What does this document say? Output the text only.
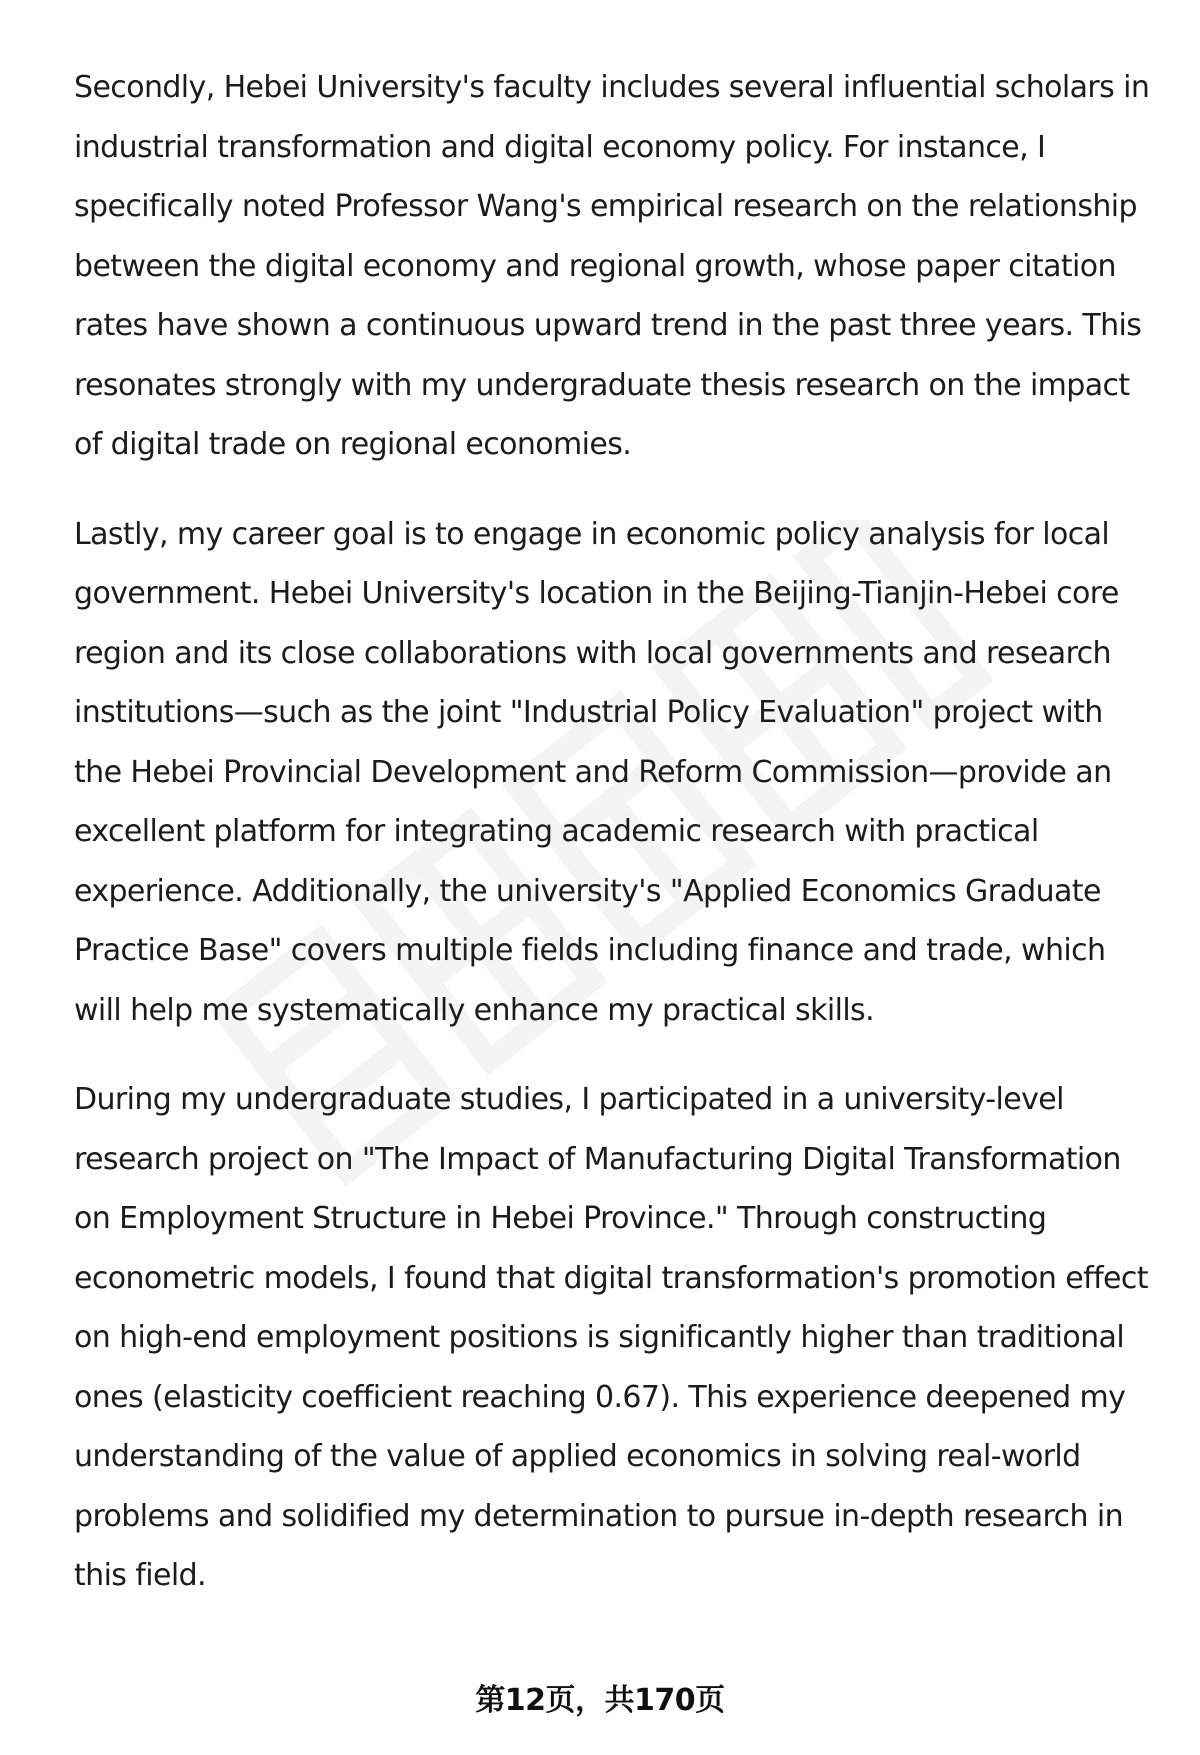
Secondly, Hebei University's faculty includes several influential scholars in industrial transformation and digital economy policy. For instance, I specifically noted Professor Wang's empirical research on the relationship between the digital economy and regional growth, whose paper citation rates have shown a continuous upward trend in the past three years. This resonates strongly with my undergraduate thesis research on the impact of digital trade on regional economies.

Lastly, my career goal is to engage in economic policy analysis for local government. Hebei University's location in the Beijing-Tianjin-Hebei core region and its close collaborations with local governments and research institutions—such as the joint "Industrial Policy Evaluation" project with the Hebei Provincial Development and Reform Commission—provide an excellent platform for integrating academic research with practical experience. Additionally, the university's "Applied Economics Graduate Practice Base" covers multiple fields including finance and trade, which will help me systematically enhance my practical skills.

During my undergraduate studies, I participated in a university-level research project on "The Impact of Manufacturing Digital Transformation on Employment Structure in Hebei Province." Through constructing econometric models, I found that digital transformation's promotion effect on high-end employment positions is significantly higher than traditional ones (elasticity coefficient reaching 0.67). This experience deepened my understanding of the value of applied economics in solving real-world problems and solidified my determination to pursue in-depth research in this field.

第12页，共170页
